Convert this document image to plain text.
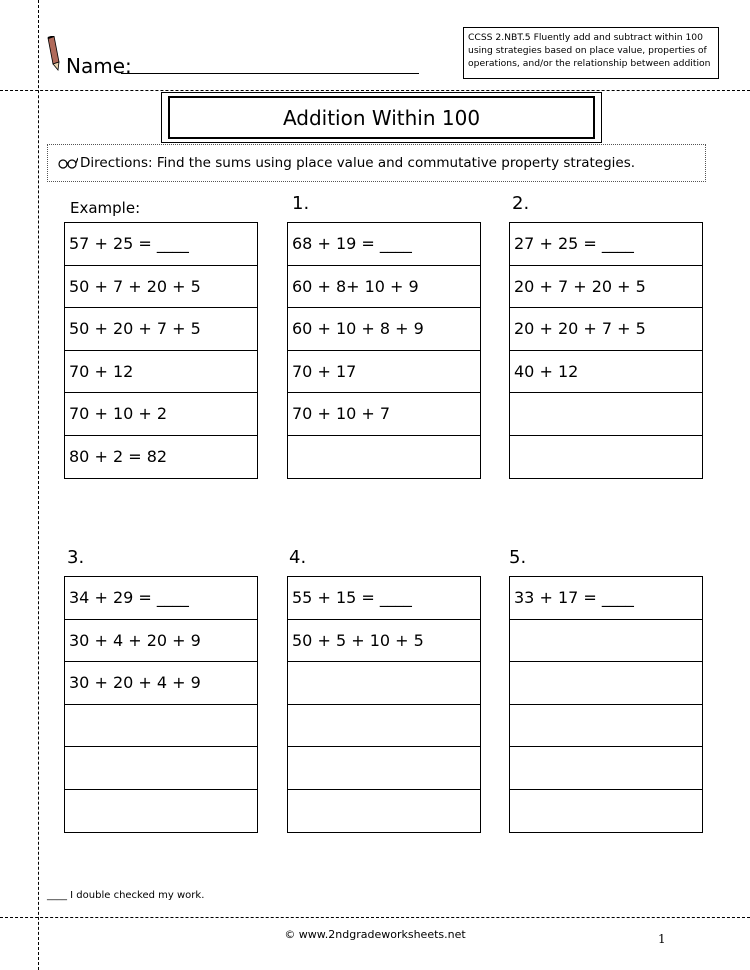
Name:
CCSS 2.NBT.5 Fluently add and subtract within 100
using strategies based on place value, properties of
operations, and/or the relationship between addition
Addition Within 100
Directions: Find the sums using place value and commutative property strategies.
Example:
57 + 25 = ____
50 + 7 + 20 + 5
50 + 20 + 7 + 5
70 + 12
70 + 10 + 2
80 + 2 = 82
1.
68 + 19 = ____
60 + 8+ 10 + 9
60 + 10 + 8 + 9
70 + 17
70 + 10 + 7
2.
27 + 25 = ____
20 + 7 + 20 + 5
20 + 20 + 7 + 5
40 + 12
3.
34 + 29 = ____
30 + 4 + 20 + 9
30 + 20 + 4 + 9
4.
55 + 15 = ____
50 + 5 + 10 + 5
5.
33 + 17 = ____
____ I double checked my work.
© www.2ndgradeworksheets.net	1
